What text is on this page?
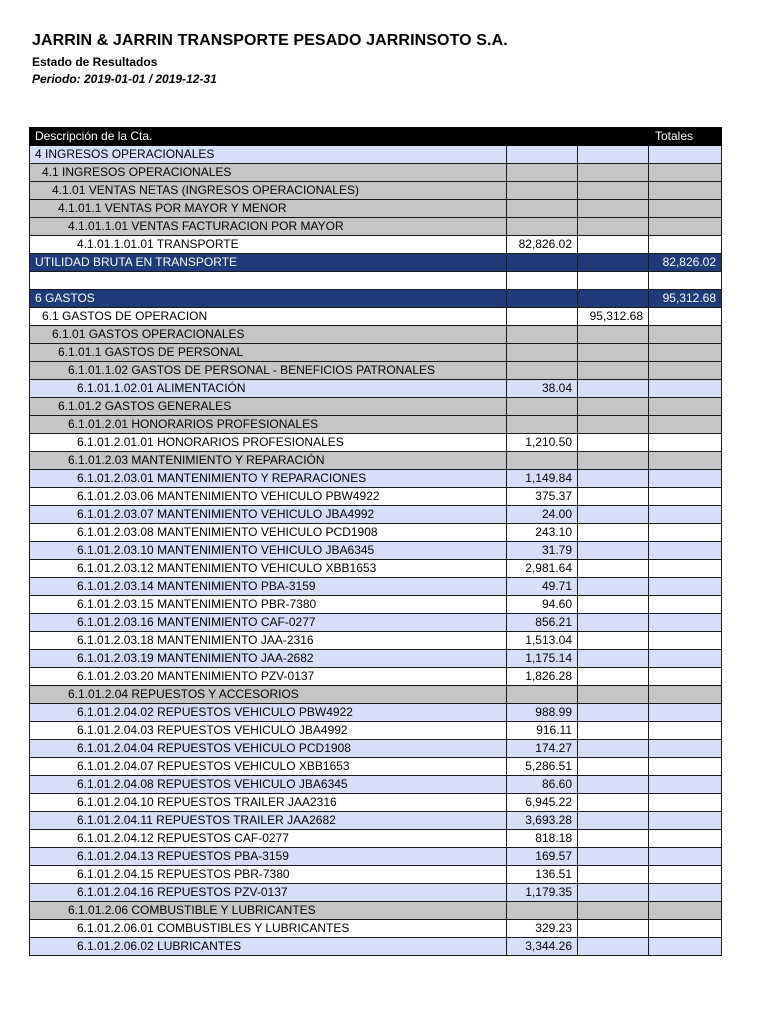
JARRIN & JARRIN TRANSPORTE PESADO JARRINSOTO S.A.
Estado de Resultados
Periodo: 2019-01-01 / 2019-12-31
Descripción de la Cta.			Totales
4 INGRESOS OPERACIONALES			
4.1 INGRESOS OPERACIONALES			
4.1.01 VENTAS NETAS (INGRESOS OPERACIONALES)			
4.1.01.1 VENTAS POR MAYOR Y MENOR			
4.1.01.1.01 VENTAS FACTURACION POR MAYOR			
4.1.01.1.01.01 TRANSPORTE	82,826.02		
UTILIDAD BRUTA EN TRANSPORTE			82,826.02

6 GASTOS			95,312.68
6.1 GASTOS DE OPERACION		95,312.68	
6.1.01 GASTOS OPERACIONALES			
6.1.01.1 GASTOS DE PERSONAL			
6.1.01.1.02 GASTOS DE PERSONAL - BENEFICIOS PATRONALES			
6.1.01.1.02.01 ALIMENTACIÓN	38.04		
6.1.01.2 GASTOS GENERALES			
6.1.01.2.01 HONORARIOS PROFESIONALES			
6.1.01.2.01.01 HONORARIOS PROFESIONALES	1,210.50		
6.1.01.2.03 MANTENIMIENTO Y REPARACIÓN			
6.1.01.2.03.01 MANTENIMIENTO Y REPARACIONES	1,149.84		
6.1.01.2.03.06 MANTENIMIENTO VEHICULO PBW4922	375.37		
6.1.01.2.03.07 MANTENIMIENTO VEHICULO JBA4992	24.00		
6.1.01.2.03.08 MANTENIMIENTO VEHICULO PCD1908	243.10		
6.1.01.2.03.10 MANTENIMIENTO VEHICULO JBA6345	31.79		
6.1.01.2.03.12 MANTENIMIENTO VEHICULO XBB1653	2,981.64		
6.1.01.2.03.14 MANTENIMIENTO PBA-3159	49.71		
6.1.01.2.03.15 MANTENIMIENTO PBR-7380	94.60		
6.1.01.2.03.16 MANTENIMIENTO CAF-0277	856.21		
6.1.01.2.03.18 MANTENIMIENTO JAA-2316	1,513.04		
6.1.01.2.03.19 MANTENIMIENTO JAA-2682	1,175.14		
6.1.01.2.03.20 MANTENIMIENTO PZV-0137	1,826.28		
6.1.01.2.04 REPUESTOS Y ACCESORIOS			
6.1.01.2.04.02 REPUESTOS VEHICULO PBW4922	988.99		
6.1.01.2.04.03 REPUESTOS VEHICULO JBA4992	916.11		
6.1.01.2.04.04 REPUESTOS VEHICULO PCD1908	174.27		
6.1.01.2.04.07 REPUESTOS VEHICULO XBB1653	5,286.51		
6.1.01.2.04.08 REPUESTOS VEHICULO JBA6345	86.60		
6.1.01.2.04.10 REPUESTOS TRAILER JAA2316	6,945.22		
6.1.01.2.04.11 REPUESTOS TRAILER JAA2682	3,693.28		
6.1.01.2.04.12 REPUESTOS CAF-0277	818.18		
6.1.01.2.04.13 REPUESTOS PBA-3159	169.57		
6.1.01.2.04.15 REPUESTOS PBR-7380	136.51		
6.1.01.2.04.16 REPUESTOS PZV-0137	1,179.35		
6.1.01.2.06 COMBUSTIBLE Y LUBRICANTES			
6.1.01.2.06.01 COMBUSTIBLES Y LUBRICANTES	329.23		
6.1.01.2.06.02 LUBRICANTES	3,344.26		
